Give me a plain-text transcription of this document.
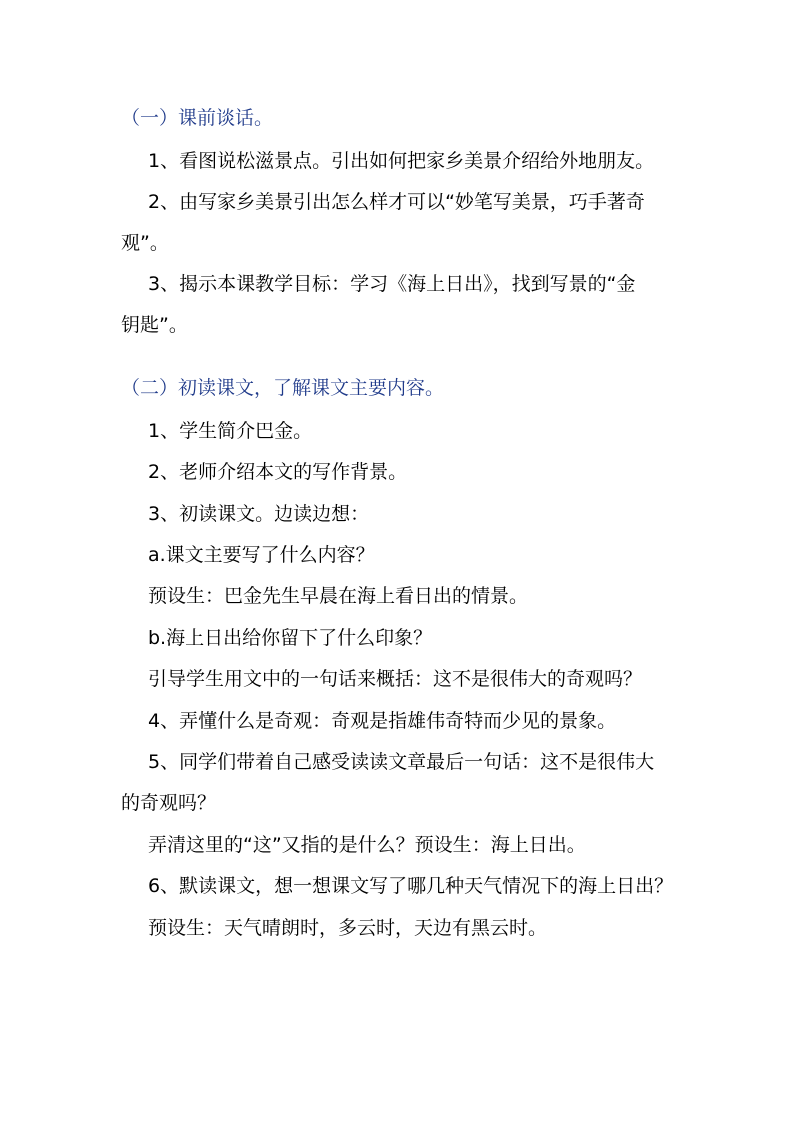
（一）课前谈话。
1、看图说松滋景点。引出如何把家乡美景介绍给外地朋友。
2、由写家乡美景引出怎么样才可以“妙笔写美景，巧手著奇
观”。
3、揭示本课教学目标：学习《海上日出》，找到写景的“金
钥匙”。
（二）初读课文，了解课文主要内容。
1、学生简介巴金。
2、老师介绍本文的写作背景。
3、初读课文。边读边想：
a.课文主要写了什么内容？
预设生：巴金先生早晨在海上看日出的情景。
b.海上日出给你留下了什么印象？
引导学生用文中的一句话来概括：这不是很伟大的奇观吗？
4、弄懂什么是奇观：奇观是指雄伟奇特而少见的景象。
5、同学们带着自己感受读读文章最后一句话：这不是很伟大
的奇观吗？
弄清这里的“这”又指的是什么？预设生：海上日出。
6、默读课文，想一想课文写了哪几种天气情况下的海上日出？
预设生：天气晴朗时，多云时，天边有黑云时。
